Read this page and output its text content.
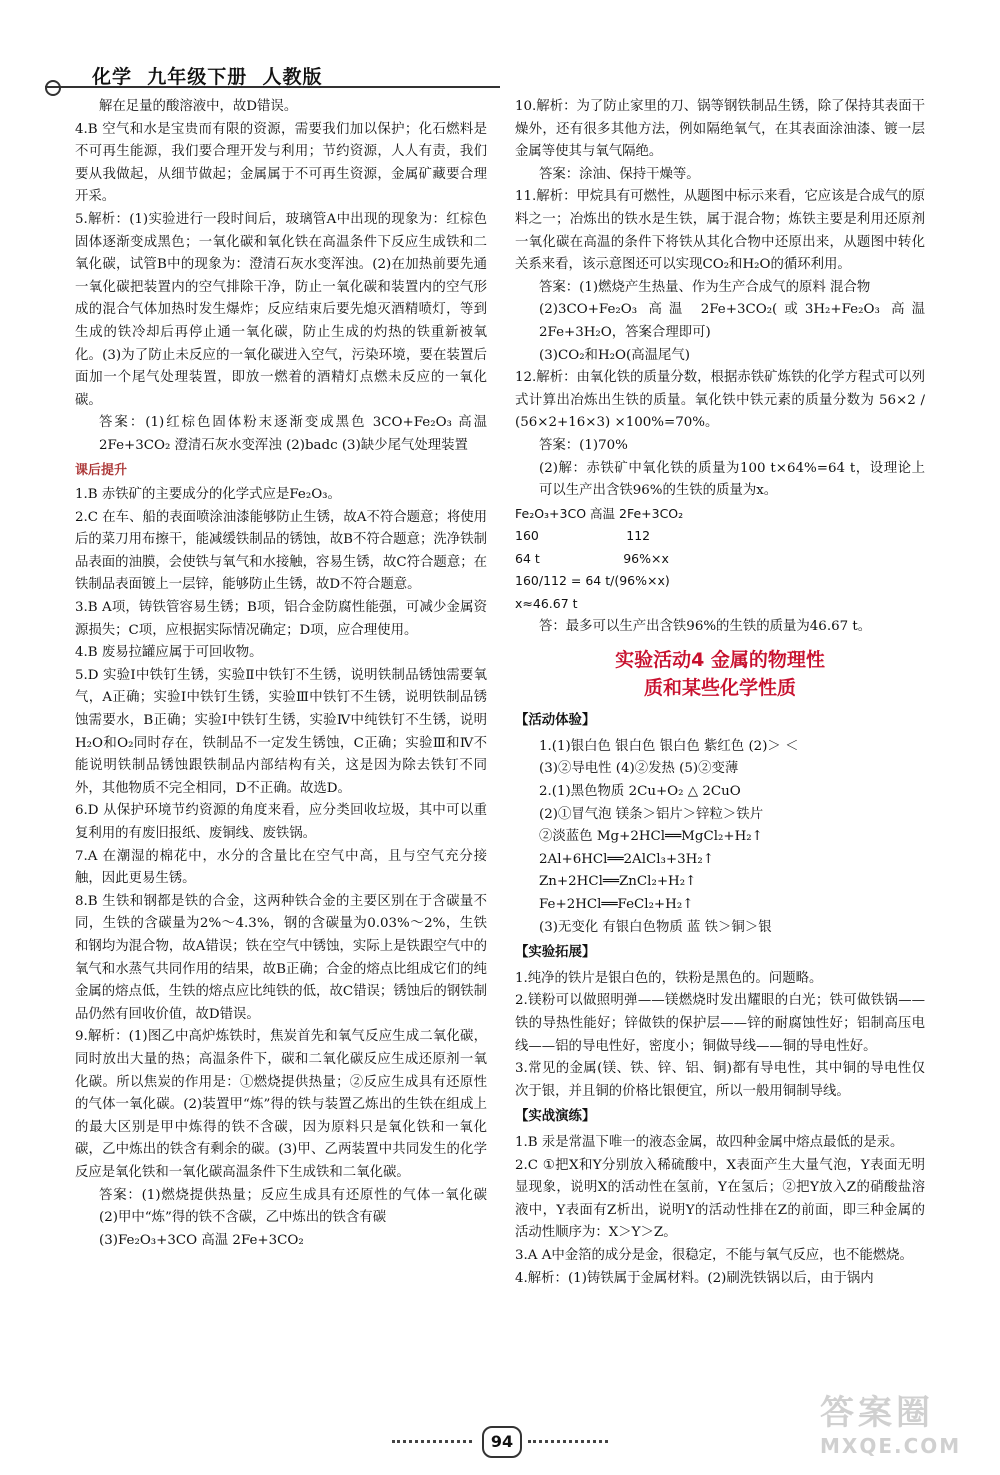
化学  九年级下册  人教版

解在足量的酸溶液中，故D错误。

4.B 空气和水是宝贵而有限的资源，需要我们加以保护；化石燃料是不可再生能源，我们要合理开发与利用；节约资源，人人有责，我们要从我做起，从细节做起；金属属于不可再生资源，金属矿藏要合理开采。

5.解析：(1)实验进行一段时间后，玻璃管A中出现的现象为：红棕色固体逐渐变成黑色；一氧化碳和氧化铁在高温条件下反应生成铁和二氧化碳，试管B中的现象为：澄清石灰水变浑浊。(2)在加热前要先通一氧化碳把装置内的空气排除干净，防止一氧化碳和装置内的空气形成的混合气体加热时发生爆炸；反应结束后要先熄灭酒精喷灯，等到生成的铁冷却后再停止通一氧化碳，防止生成的灼热的铁重新被氧化。(3)为了防止未反应的一氧化碳进入空气，污染环境，要在装置后面加一个尾气处理装置，即放一燃着的酒精灯点燃未反应的一氧化碳。

答案：(1)红棕色固体粉末逐渐变成黑色 3CO+Fe₂O₃ 高温 2Fe+3CO₂ 澄清石灰水变浑浊 (2)badc (3)缺少尾气处理装置

课后提升

1.B 赤铁矿的主要成分的化学式应是Fe₂O₃。

2.C 在车、船的表面喷涂油漆能够防止生锈，故A不符合题意；将使用后的菜刀用布擦干，能减缓铁制品的锈蚀，故B不符合题意；洗净铁制品表面的油膜，会使铁与氧气和水接触，容易生锈，故C符合题意；在铁制品表面镀上一层锌，能够防止生锈，故D不符合题意。

3.B A项，铸铁管容易生锈；B项，铝合金防腐性能强，可减少金属资源损失；C项，应根据实际情况确定；D项，应合理使用。

4.B 废易拉罐应属于可回收物。

5.D 实验Ⅰ中铁钉生锈，实验Ⅱ中铁钉不生锈，说明铁制品锈蚀需要氧气，A正确；实验Ⅰ中铁钉生锈，实验Ⅲ中铁钉不生锈，说明铁制品锈蚀需要水，B正确；实验Ⅰ中铁钉生锈，实验Ⅳ中纯铁钉不生锈，说明H₂O和O₂同时存在，铁制品不一定发生锈蚀，C正确；实验Ⅲ和Ⅳ不能说明铁制品锈蚀跟铁制品内部结构有关，这是因为除去铁钉不同外，其他物质不完全相同，D不正确。故选D。

6.D 从保护环境节约资源的角度来看，应分类回收垃圾，其中可以重复利用的有废旧报纸、废铜线、废铁锅。

7.A 在潮湿的棉花中，水分的含量比在空气中高，且与空气充分接触，因此更易生锈。

8.B 生铁和钢都是铁的合金，这两种铁合金的主要区别在于含碳量不同，生铁的含碳量为2%～4.3%，钢的含碳量为0.03%～2%，生铁和钢均为混合物，故A错误；铁在空气中锈蚀，实际上是铁跟空气中的氧气和水蒸气共同作用的结果，故B正确；合金的熔点比组成它们的纯金属的熔点低，生铁的熔点应比纯铁的低，故C错误；锈蚀后的钢铁制品仍然有回收价值，故D错误。

9.解析：(1)图乙中高炉炼铁时，焦炭首先和氧气反应生成二氧化碳，同时放出大量的热；高温条件下，碳和二氧化碳反应生成还原剂一氧化碳。所以焦炭的作用是：①燃烧提供热量；②反应生成具有还原性的气体一氧化碳。(2)装置甲“炼”得的铁与装置乙炼出的生铁在组成上的最大区别是甲中炼得的铁不含碳，因为原料只是氧化铁和一氧化碳，乙中炼出的铁含有剩余的碳。(3)甲、乙两装置中共同发生的化学反应是氧化铁和一氧化碳高温条件下生成铁和二氧化碳。

答案：(1)燃烧提供热量；反应生成具有还原性的气体一氧化碳 (2)甲中“炼”得的铁不含碳，乙中炼出的铁含有碳

(3)Fe₂O₃+3CO 高温 2Fe+3CO₂

10.解析：为了防止家里的刀、锅等钢铁制品生锈，除了保持其表面干燥外，还有很多其他方法，例如隔绝氧气，在其表面涂油漆、镀一层金属等使其与氧气隔绝。

答案：涂油、保持干燥等。

11.解析：甲烷具有可燃性，从题图中标示来看，它应该是合成气的原料之一；冶炼出的铁水是生铁，属于混合物；炼铁主要是利用还原剂一氧化碳在高温的条件下将铁从其化合物中还原出来，从题图中转化关系来看，该示意图还可以实现CO₂和H₂O的循环利用。

答案：(1)燃烧产生热量、作为生产合成气的原料 混合物

(2)3CO+Fe₂O₃ 高温 2Fe+3CO₂(或3H₂+Fe₂O₃ 高温 2Fe+3H₂O，答案合理即可)

(3)CO₂和H₂O(高温尾气)

12.解析：由氧化铁的质量分数，根据赤铁矿炼铁的化学方程式可以列式计算出冶炼出生铁的质量。氧化铁中铁元素的质量分数为 56×2 / (56×2+16×3) ×100%=70%。

答案：(1)70%

(2)解：赤铁矿中氧化铁的质量为100 t×64%=64 t，设理论上可以生产出含铁96%的生铁的质量为x。

Fe₂O₃+3CO 高温 2Fe+3CO₂

160                      112

64 t                     96%×x

160/112 = 64 t/(96%×x)

x≈46.67 t

答：最多可以生产出含铁96%的生铁的质量为46.67 t。

实验活动4 金属的物理性
质和某些化学性质

【活动体验】

1.(1)银白色 银白色 银白色 紫红色 (2)＞ ＜

(3)②导电性 (4)②发热 (5)②变薄

2.(1)黑色物质 2Cu+O₂ △ 2CuO

(2)①冒气泡 镁条＞铝片＞锌粒＞铁片

②淡蓝色 Mg+2HCl══MgCl₂+H₂↑

2Al+6HCl══2AlCl₃+3H₂↑

Zn+2HCl══ZnCl₂+H₂↑

Fe+2HCl══FeCl₂+H₂↑

(3)无变化 有银白色物质 蓝 铁＞铜＞银

【实验拓展】

1.纯净的铁片是银白色的，铁粉是黑色的。问题略。

2.镁粉可以做照明弹——镁燃烧时发出耀眼的白光；铁可做铁锅——铁的导热性能好；锌做铁的保护层——锌的耐腐蚀性好；铝制高压电线——铝的导电性好，密度小；铜做导线——铜的导电性好。

3.常见的金属(镁、铁、锌、铝、铜)都有导电性，其中铜的导电性仅次于银，并且铜的价格比银便宜，所以一般用铜制导线。

【实战演练】

1.B 汞是常温下唯一的液态金属，故四种金属中熔点最低的是汞。

2.C ①把X和Y分别放入稀硫酸中，X表面产生大量气泡，Y表面无明显现象，说明X的活动性在氢前，Y在氢后；②把Y放入Z的硝酸盐溶液中，Y表面有Z析出，说明Y的活动性排在Z的前面，即三种金属的活动性顺序为：X＞Y＞Z。

3.A A中金箔的成分是金，很稳定，不能与氧气反应，也不能燃烧。

4.解析：(1)铸铁属于金属材料。(2)刷洗铁锅以后，由于锅内

94
答案圈
MXQE.COM
